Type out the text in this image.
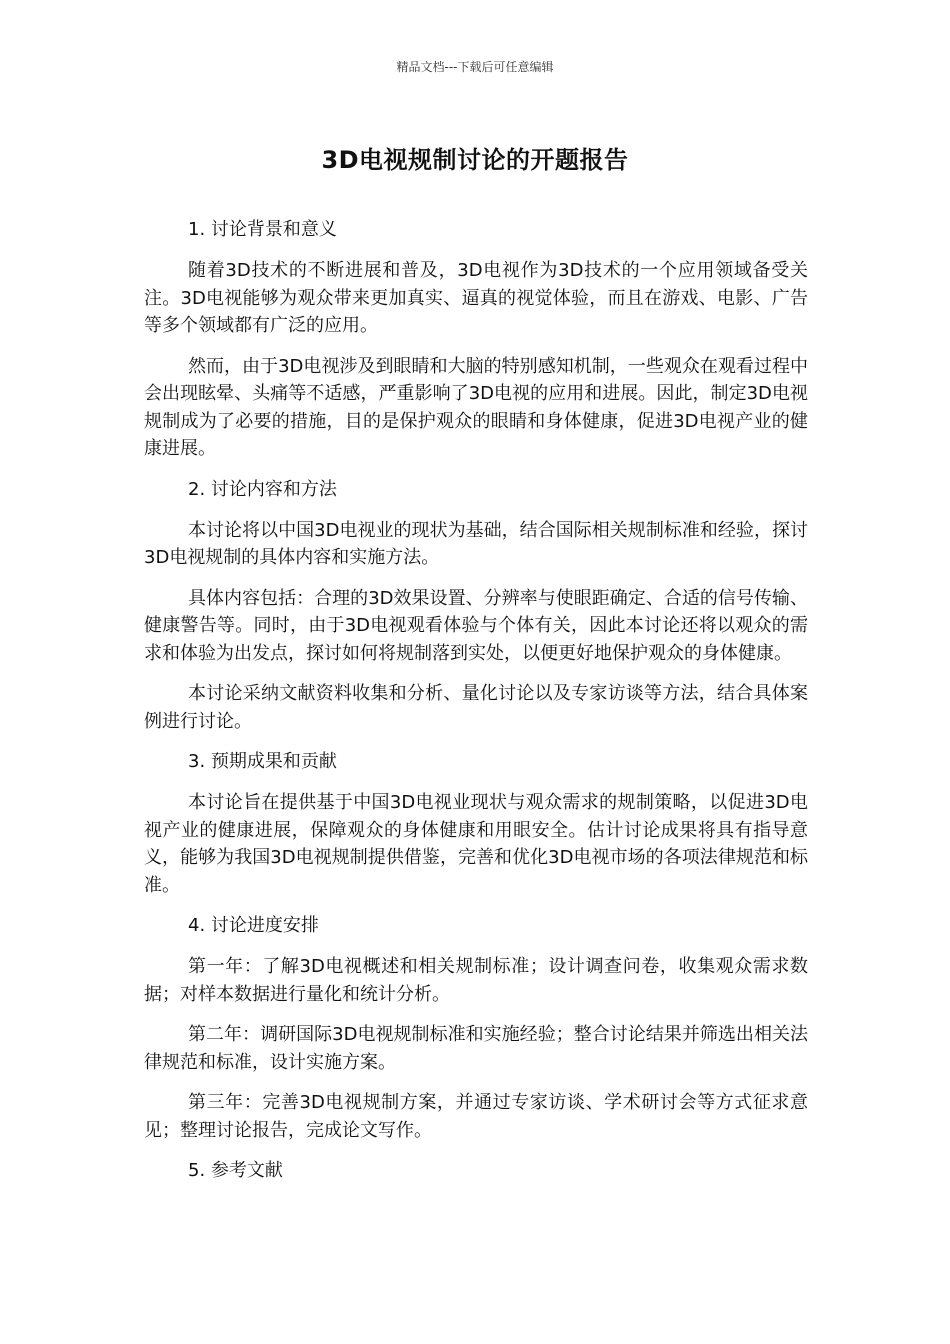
精品文档---下载后可任意编辑
3D电视规制讨论的开题报告
1. 讨论背景和意义

随着3D技术的不断进展和普及，3D电视作为3D技术的一个应用领域备受关注。3D电视能够为观众带来更加真实、逼真的视觉体验，而且在游戏、电影、广告等多个领域都有广泛的应用。

然而，由于3D电视涉及到眼睛和大脑的特别感知机制，一些观众在观看过程中会出现眩晕、头痛等不适感，严重影响了3D电视的应用和进展。因此，制定3D电视规制成为了必要的措施，目的是保护观众的眼睛和身体健康，促进3D电视产业的健康进展。

2. 讨论内容和方法

本讨论将以中国3D电视业的现状为基础，结合国际相关规制标准和经验，探讨3D电视规制的具体内容和实施方法。

具体内容包括：合理的3D效果设置、分辨率与使眼距确定、合适的信号传输、健康警告等。同时，由于3D电视观看体验与个体有关，因此本讨论还将以观众的需求和体验为出发点，探讨如何将规制落到实处，以便更好地保护观众的身体健康。

本讨论采纳文献资料收集和分析、量化讨论以及专家访谈等方法，结合具体案例进行讨论。

3. 预期成果和贡献

本讨论旨在提供基于中国3D电视业现状与观众需求的规制策略，以促进3D电视产业的健康进展，保障观众的身体健康和用眼安全。估计讨论成果将具有指导意义，能够为我国3D电视规制提供借鉴，完善和优化3D电视市场的各项法律规范和标准。

4. 讨论进度安排

第一年：了解3D电视概述和相关规制标准；设计调查问卷，收集观众需求数据；对样本数据进行量化和统计分析。

第二年：调研国际3D电视规制标准和实施经验；整合讨论结果并筛选出相关法律规范和标准，设计实施方案。

第三年：完善3D电视规制方案，并通过专家访谈、学术研讨会等方式征求意见；整理讨论报告，完成论文写作。

5. 参考文献
